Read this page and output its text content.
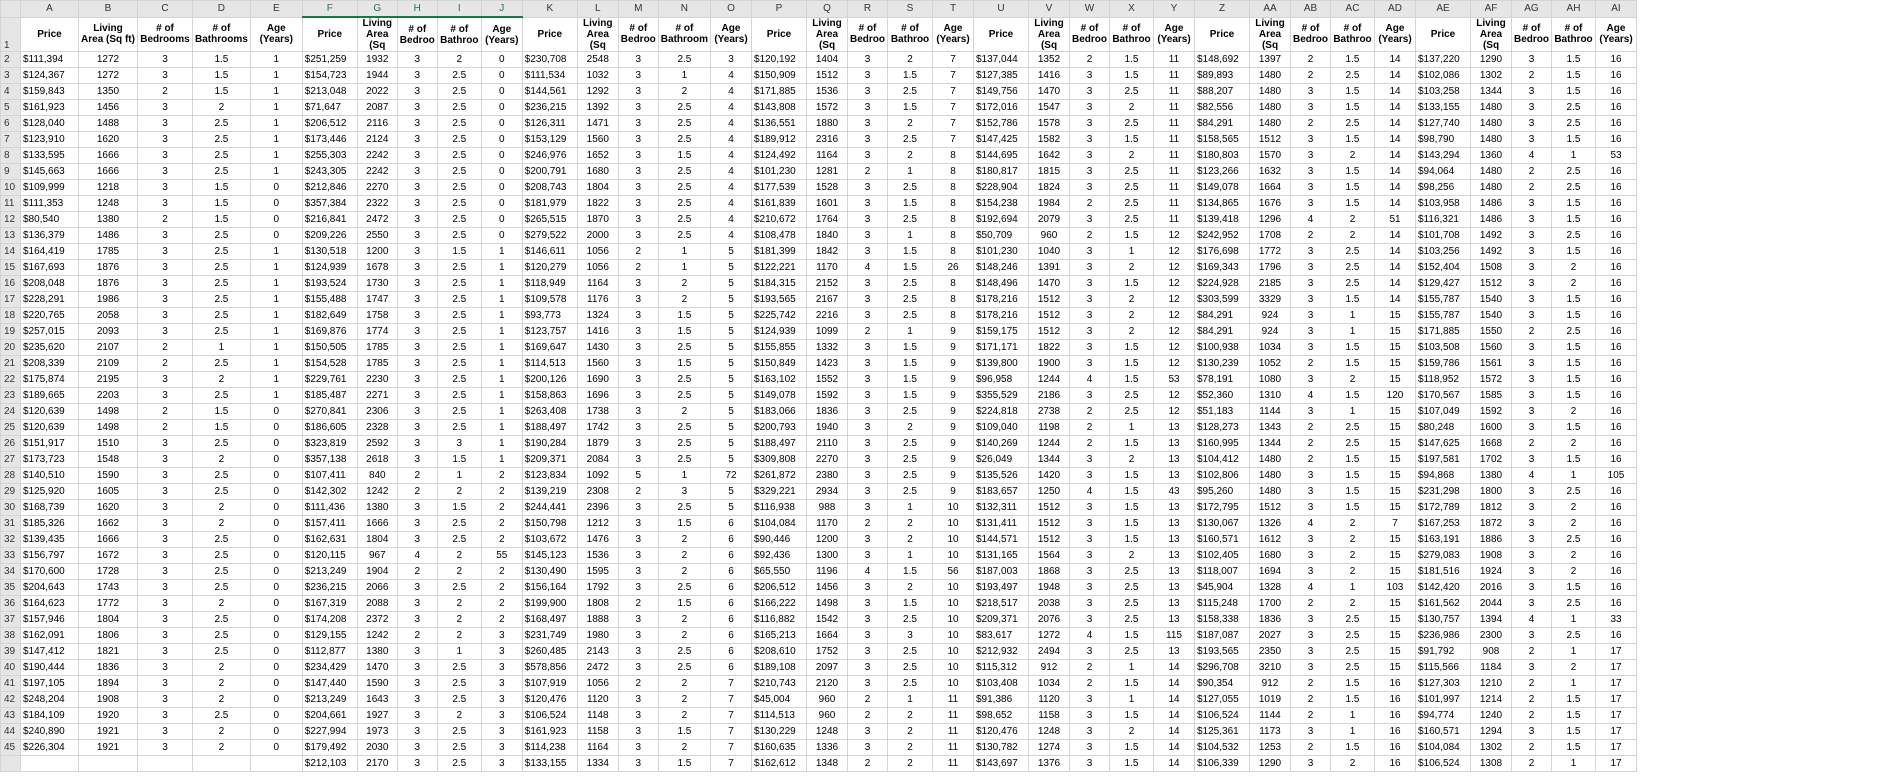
	A	B	C	D	E	F	G	H	I	J	K	L	M	N	O	P	Q	R	S	T	U	V	W	X	Y	Z	AA	AB	AC	AD	AE	AF	AG	AH	AI
1	Price	Living Area (Sq ft)	# of Bedrooms	# of Bathrooms	Age (Years)	Price	Living Area (Sq	# of Bedroo	# of Bathroo	Age (Years)	Price	Living Area (Sq	# of Bedroo	# of Bathroom	Age (Years)	Price	Living Area (Sq	# of Bedroo	# of Bathroo	Age (Years)	Price	Living Area (Sq	# of Bedroo	# of Bathroo	Age (Years)	Price	Living Area (Sq	# of Bedroo	# of Bathroo	Age (Years)	Price	Living Area (Sq	# of Bedroo	# of Bathroo	Age (Years)
2	$111,394	1272	3	1.5	1	$251,259	1932	3	2	0	$230,708	2548	3	2.5	3	$120,192	1404	3	2	7	$137,044	1352	2	1.5	11	$148,692	1397	2	1.5	14	$137,220	1290	3	1.5	16
3	$124,367	1272	3	1.5	1	$154,723	1944	3	2.5	0	$111,534	1032	3	1	4	$150,909	1512	3	1.5	7	$127,385	1416	3	1.5	11	$89,893	1480	2	2.5	14	$102,086	1302	2	1.5	16
4	$159,843	1350	2	1.5	1	$213,048	2022	3	2.5	0	$144,561	1292	3	2	4	$171,885	1536	3	2.5	7	$149,756	1470	3	2.5	11	$88,207	1480	3	1.5	14	$103,258	1344	3	1.5	16
5	$161,923	1456	3	2	1	$71,647	2087	3	2.5	0	$236,215	1392	3	2.5	4	$143,808	1572	3	1.5	7	$172,016	1547	3	2	11	$82,556	1480	3	1.5	14	$133,155	1480	3	2.5	16
6	$128,040	1488	3	2.5	1	$206,512	2116	3	2.5	0	$126,311	1471	3	2.5	4	$136,551	1880	3	2	7	$152,786	1578	3	2.5	11	$84,291	1480	2	2.5	14	$127,740	1480	3	2.5	16
7	$123,910	1620	3	2.5	1	$173,446	2124	3	2.5	0	$153,129	1560	3	2.5	4	$189,912	2316	3	2.5	7	$147,425	1582	3	1.5	11	$158,565	1512	3	1.5	14	$98,790	1480	3	1.5	16
8	$133,595	1666	3	2.5	1	$255,303	2242	3	2.5	0	$246,976	1652	3	1.5	4	$124,492	1164	3	2	8	$144,695	1642	3	2	11	$180,803	1570	3	2	14	$143,294	1360	4	1	53
9	$145,663	1666	3	2.5	1	$243,305	2242	3	2.5	0	$200,791	1680	3	2.5	4	$101,230	1281	2	1	8	$180,817	1815	3	2.5	11	$123,266	1632	3	1.5	14	$94,064	1480	2	2.5	16
10	$109,999	1218	3	1.5	0	$212,846	2270	3	2.5	0	$208,743	1804	3	2.5	4	$177,539	1528	3	2.5	8	$228,904	1824	3	2.5	11	$149,078	1664	3	1.5	14	$98,256	1480	2	2.5	16
11	$111,353	1248	3	1.5	0	$357,384	2322	3	2.5	0	$181,979	1822	3	2.5	4	$161,839	1601	3	1.5	8	$154,238	1984	2	2.5	11	$134,865	1676	3	1.5	14	$103,958	1486	3	1.5	16
12	$80,540	1380	2	1.5	0	$216,841	2472	3	2.5	0	$265,515	1870	3	2.5	4	$210,672	1764	3	2.5	8	$192,694	2079	3	2.5	11	$139,418	1296	4	2	51	$116,321	1486	3	1.5	16
13	$136,379	1486	3	2.5	0	$209,226	2550	3	2.5	0	$279,522	2000	3	2.5	4	$108,478	1840	3	1	8	$50,709	960	2	1.5	12	$242,952	1708	2	2	14	$101,708	1492	3	2.5	16
14	$164,419	1785	3	2.5	1	$130,518	1200	3	1.5	1	$146,611	1056	2	1	5	$181,399	1842	3	1.5	8	$101,230	1040	3	1	12	$176,698	1772	3	2.5	14	$103,256	1492	3	1.5	16
15	$167,693	1876	3	2.5	1	$124,939	1678	3	2.5	1	$120,279	1056	2	1	5	$122,221	1170	4	1.5	26	$148,246	1391	3	2	12	$169,343	1796	3	2.5	14	$152,404	1508	3	2	16
16	$208,048	1876	3	2.5	1	$193,524	1730	3	2.5	1	$118,949	1164	3	2	5	$184,315	2152	3	2.5	8	$148,496	1470	3	1.5	12	$224,928	2185	3	2.5	14	$129,427	1512	3	2	16
17	$228,291	1986	3	2.5	1	$155,488	1747	3	2.5	1	$109,578	1176	3	2	5	$193,565	2167	3	2.5	8	$178,216	1512	3	2	12	$303,599	3329	3	1.5	14	$155,787	1540	3	1.5	16
18	$220,765	2058	3	2.5	1	$182,649	1758	3	2.5	1	$93,773	1324	3	1.5	5	$225,742	2216	3	2.5	8	$178,216	1512	3	2	12	$84,291	924	3	1	15	$155,787	1540	3	1.5	16
19	$257,015	2093	3	2.5	1	$169,876	1774	3	2.5	1	$123,757	1416	3	1.5	5	$124,939	1099	2	1	9	$159,175	1512	3	2	12	$84,291	924	3	1	15	$171,885	1550	2	2.5	16
20	$235,620	2107	2	1	1	$150,505	1785	3	2.5	1	$169,647	1430	3	2.5	5	$155,855	1332	3	1.5	9	$171,171	1822	3	1.5	12	$100,938	1034	3	1.5	15	$103,508	1560	3	1.5	16
21	$208,339	2109	2	2.5	1	$154,528	1785	3	2.5	1	$114,513	1560	3	1.5	5	$150,849	1423	3	1.5	9	$139,800	1900	3	1.5	12	$130,239	1052	2	1.5	15	$159,786	1561	3	1.5	16
22	$175,874	2195	3	2	1	$229,761	2230	3	2.5	1	$200,126	1690	3	2.5	5	$163,102	1552	3	1.5	9	$96,958	1244	4	1.5	53	$78,191	1080	3	2	15	$118,952	1572	3	1.5	16
23	$189,665	2203	3	2.5	1	$185,487	2271	3	2.5	1	$158,863	1696	3	2.5	5	$149,078	1592	3	1.5	9	$355,529	2186	3	2.5	12	$52,360	1310	4	1.5	120	$170,567	1585	3	1.5	16
24	$120,639	1498	2	1.5	0	$270,841	2306	3	2.5	1	$263,408	1738	3	2	5	$183,066	1836	3	2.5	9	$224,818	2738	2	2.5	12	$51,183	1144	3	1	15	$107,049	1592	3	2	16
25	$120,639	1498	2	1.5	0	$186,605	2328	3	2.5	1	$188,497	1742	3	2.5	5	$200,793	1940	3	2	9	$109,040	1198	2	1	13	$128,273	1343	2	2.5	15	$80,248	1600	3	1.5	16
26	$151,917	1510	3	2.5	0	$323,819	2592	3	3	1	$190,284	1879	3	2.5	5	$188,497	2110	3	2.5	9	$140,269	1244	2	1.5	13	$160,995	1344	2	2.5	15	$147,625	1668	2	2	16
27	$173,723	1548	3	2	0	$357,138	2618	3	1.5	1	$209,371	2084	3	2.5	5	$309,808	2270	3	2.5	9	$26,049	1344	3	2	13	$104,412	1480	2	1.5	15	$197,581	1702	3	1.5	16
28	$140,510	1590	3	2.5	0	$107,411	840	2	1	2	$123,834	1092	5	1	72	$261,872	2380	3	2.5	9	$135,526	1420	3	1.5	13	$102,806	1480	3	1.5	15	$94,868	1380	4	1	105
29	$125,920	1605	3	2.5	0	$142,302	1242	2	2	2	$139,219	2308	2	3	5	$329,221	2934	3	2.5	9	$183,657	1250	4	1.5	43	$95,260	1480	3	1.5	15	$231,298	1800	3	2.5	16
30	$168,739	1620	3	2	0	$111,436	1380	3	1.5	2	$244,441	2396	3	2.5	5	$116,938	988	3	1	10	$132,311	1512	3	1.5	13	$172,795	1512	3	1.5	15	$172,789	1812	3	2	16
31	$185,326	1662	3	2	0	$157,411	1666	3	2.5	2	$150,798	1212	3	1.5	6	$104,084	1170	2	2	10	$131,411	1512	3	1.5	13	$130,067	1326	4	2	7	$167,253	1872	3	2	16
32	$139,435	1666	3	2.5	0	$162,631	1804	3	2.5	2	$103,672	1476	3	2	6	$90,446	1200	3	2	10	$144,571	1512	3	1.5	13	$160,571	1612	3	2	15	$163,191	1886	3	2.5	16
33	$156,797	1672	3	2.5	0	$120,115	967	4	2	55	$145,123	1536	3	2	6	$92,436	1300	3	1	10	$131,165	1564	3	2	13	$102,405	1680	3	2	15	$279,083	1908	3	2	16
34	$170,600	1728	3	2.5	0	$213,249	1904	2	2	2	$130,490	1595	3	2	6	$65,550	1196	4	1.5	56	$187,003	1868	3	2.5	13	$118,007	1694	3	2	15	$181,516	1924	3	2	16
35	$204,643	1743	3	2.5	0	$236,215	2066	3	2.5	2	$156,164	1792	3	2.5	6	$206,512	1456	3	2	10	$193,497	1948	3	2.5	13	$45,904	1328	4	1	103	$142,420	2016	3	1.5	16
36	$164,623	1772	3	2	0	$167,319	2088	3	2	2	$199,900	1808	2	1.5	6	$166,222	1498	3	1.5	10	$218,517	2038	3	2.5	13	$115,248	1700	2	2	15	$161,562	2044	3	2.5	16
37	$157,946	1804	3	2.5	0	$174,208	2372	3	2	2	$168,497	1888	3	2	6	$116,882	1542	3	2.5	10	$209,371	2076	3	2.5	13	$158,338	1836	3	2.5	15	$130,757	1394	4	1	33
38	$162,091	1806	3	2.5	0	$129,155	1242	2	2	3	$231,749	1980	3	2	6	$165,213	1664	3	3	10	$83,617	1272	4	1.5	115	$187,087	2027	3	2.5	15	$236,986	2300	3	2.5	16
39	$147,412	1821	3	2.5	0	$112,877	1380	3	1	3	$260,485	2143	3	2.5	6	$208,610	1752	3	2.5	10	$212,932	2494	3	2.5	13	$193,565	2350	3	2.5	15	$91,792	908	2	1	17
40	$190,444	1836	3	2	0	$234,429	1470	3	2.5	3	$578,856	2472	3	2.5	6	$189,108	2097	3	2.5	10	$115,312	912	2	1	14	$296,708	3210	3	2.5	15	$115,566	1184	3	2	17
41	$197,105	1894	3	2	0	$147,440	1590	3	2.5	3	$107,919	1056	2	2	7	$210,743	2120	3	2.5	10	$103,408	1034	2	1.5	14	$90,354	912	2	1.5	16	$127,303	1210	2	1	17
42	$248,204	1908	3	2	0	$213,249	1643	3	2.5	3	$120,476	1120	3	2	7	$45,004	960	2	1	11	$91,386	1120	3	1	14	$127,055	1019	2	1.5	16	$101,997	1214	2	1.5	17
43	$184,109	1920	3	2.5	0	$204,661	1927	3	2	3	$106,524	1148	3	2	7	$114,513	960	2	2	11	$98,652	1158	3	1.5	14	$106,524	1144	2	1	16	$94,774	1240	2	1.5	17
44	$240,890	1921	3	2	0	$227,994	1973	3	2.5	3	$161,923	1158	3	1.5	7	$130,229	1248	3	2	11	$120,476	1248	3	2	14	$125,361	1173	3	1	16	$160,571	1294	3	1.5	17
45	$226,304	1921	3	2	0	$179,492	2030	3	2.5	3	$114,238	1164	3	2	7	$160,635	1336	3	2	11	$130,782	1274	3	1.5	14	$104,532	1253	2	1.5	16	$104,084	1302	2	1.5	17
						$212,103	2170	3	2.5	3	$133,155	1334	3	1.5	7	$162,612	1348	2	2	11	$143,697	1376	3	1.5	14	$106,339	1290	3	2	16	$106,524	1308	2	1	17
